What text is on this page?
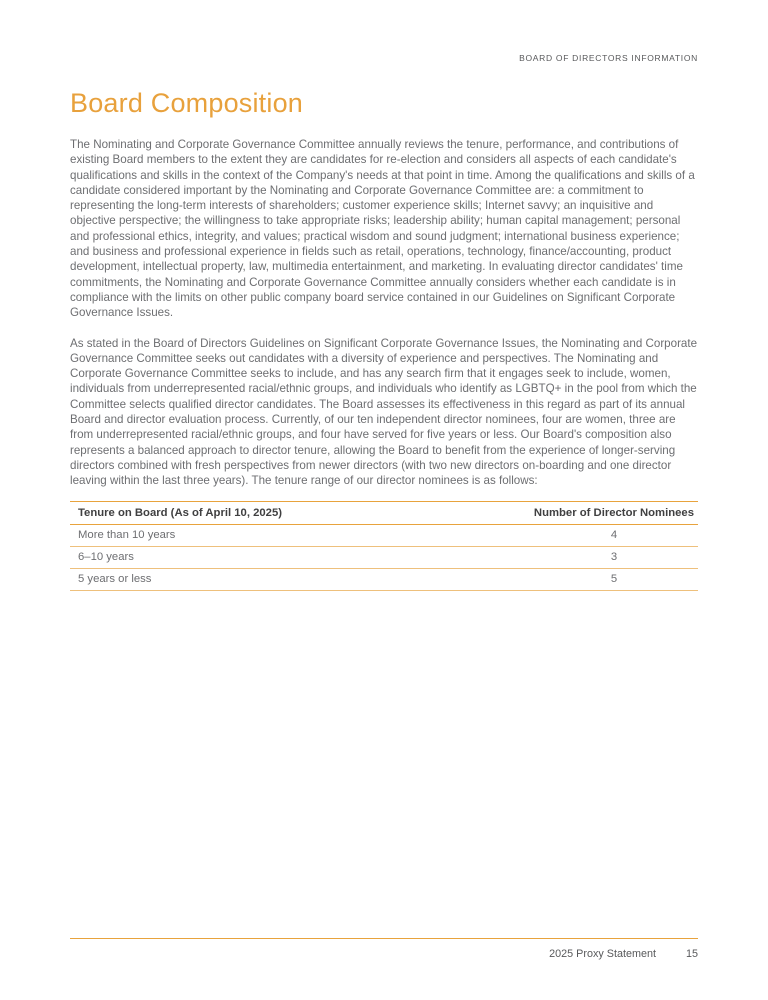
BOARD OF DIRECTORS INFORMATION
Board Composition

The Nominating and Corporate Governance Committee annually reviews the tenure, performance, and contributions of existing Board members to the extent they are candidates for re-election and considers all aspects of each candidate's qualifications and skills in the context of the Company's needs at that point in time. Among the qualifications and skills of a candidate considered important by the Nominating and Corporate Governance Committee are: a commitment to representing the long-term interests of shareholders; customer experience skills; Internet savvy; an inquisitive and objective perspective; the willingness to take appropriate risks; leadership ability; human capital management; personal and professional ethics, integrity, and values; practical wisdom and sound judgment; international business experience; and business and professional experience in fields such as retail, operations, technology, finance/accounting, product development, intellectual property, law, multimedia entertainment, and marketing. In evaluating director candidates' time commitments, the Nominating and Corporate Governance Committee annually considers whether each candidate is in compliance with the limits on other public company board service contained in our Guidelines on Significant Corporate Governance Issues.

As stated in the Board of Directors Guidelines on Significant Corporate Governance Issues, the Nominating and Corporate Governance Committee seeks out candidates with a diversity of experience and perspectives. The Nominating and Corporate Governance Committee seeks to include, and has any search firm that it engages seek to include, women, individuals from underrepresented racial/ethnic groups, and individuals who identify as LGBTQ+ in the pool from which the Committee selects qualified director candidates. The Board assesses its effectiveness in this regard as part of its annual Board and director evaluation process. Currently, of our ten independent director nominees, four are women, three are from underrepresented racial/ethnic groups, and four have served for five years or less. Our Board's composition also represents a balanced approach to director tenure, allowing the Board to benefit from the experience of longer-serving directors combined with fresh perspectives from newer directors (with two new directors on-boarding and one director leaving within the last three years). The tenure range of our director nominees is as follows:

Tenure on Board (As of April 10, 2025)	Number of Director Nominees
More than 10 years	4
6–10 years	3
5 years or less	5
2025 Proxy Statement	15
